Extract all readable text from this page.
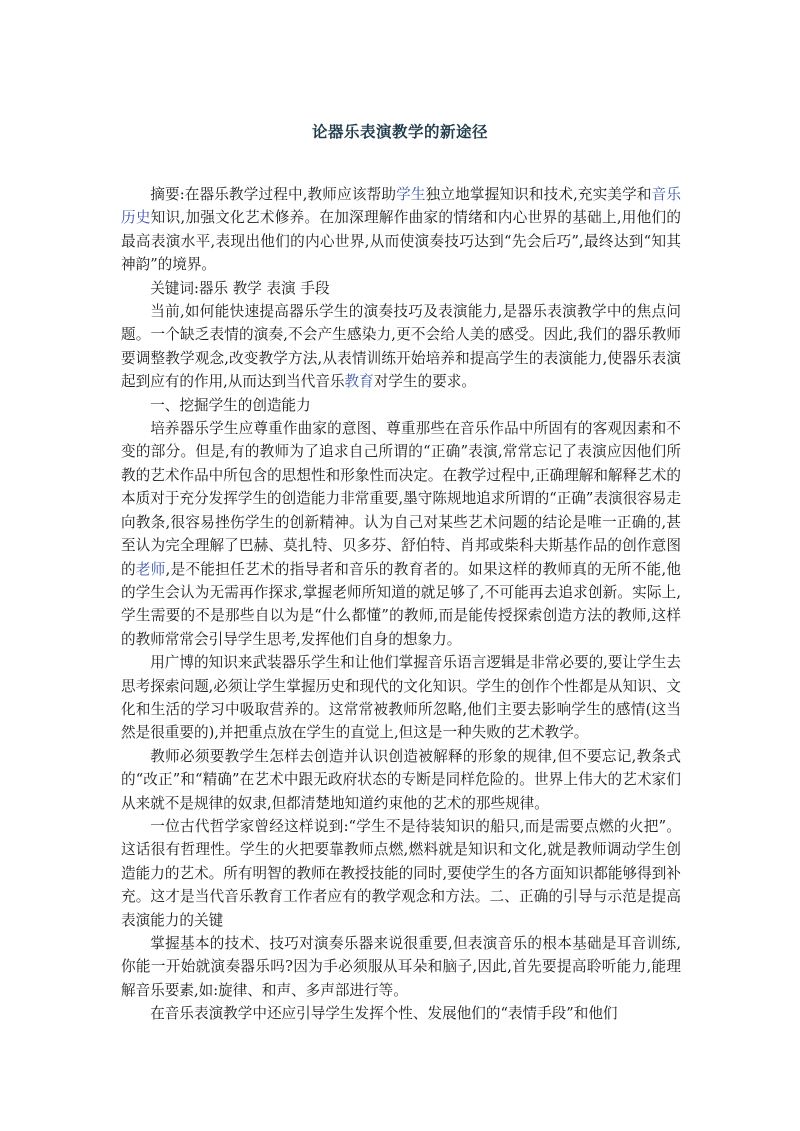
论器乐表演教学的新途径

摘要:在器乐教学过程中,教师应该帮助学生独立地掌握知识和技术,充实美学和音乐历史知识,加强文化艺术修养。在加深理解作曲家的情绪和内心世界的基础上,用他们的最高表演水平,表现出他们的内心世界,从而使演奏技巧达到“先会后巧”,最终达到“知其神韵”的境界。

关键词:器乐 教学 表演 手段

当前,如何能快速提高器乐学生的演奏技巧及表演能力,是器乐表演教学中的焦点问题。一个缺乏表情的演奏,不会产生感染力,更不会给人美的感受。因此,我们的器乐教师要调整教学观念,改变教学方法,从表情训练开始培养和提高学生的表演能力,使器乐表演起到应有的作用,从而达到当代音乐教育对学生的要求。

一、挖掘学生的创造能力

培养器乐学生应尊重作曲家的意图、尊重那些在音乐作品中所固有的客观因素和不变的部分。但是,有的教师为了追求自己所谓的“正确”表演,常常忘记了表演应因他们所教的艺术作品中所包含的思想性和形象性而决定。在教学过程中,正确理解和解释艺术的本质对于充分发挥学生的创造能力非常重要,墨守陈规地追求所谓的“正确”表演很容易走向教条,很容易挫伤学生的创新精神。认为自己对某些艺术问题的结论是唯一正确的,甚至认为完全理解了巴赫、莫扎特、贝多芬、舒伯特、肖邦或柴科夫斯基作品的创作意图的老师,是不能担任艺术的指导者和音乐的教育者的。如果这样的教师真的无所不能,他的学生会认为无需再作探求,掌握老师所知道的就足够了,不可能再去追求创新。实际上,学生需要的不是那些自以为是“什么都懂”的教师,而是能传授探索创造方法的教师,这样的教师常常会引导学生思考,发挥他们自身的想象力。

用广博的知识来武装器乐学生和让他们掌握音乐语言逻辑是非常必要的,要让学生去思考探索问题,必须让学生掌握历史和现代的文化知识。学生的创作个性都是从知识、文化和生活的学习中吸取营养的。这常常被教师所忽略,他们主要去影响学生的感情(这当然是很重要的),并把重点放在学生的直觉上,但这是一种失败的艺术教学。

教师必须要教学生怎样去创造并认识创造被解释的形象的规律,但不要忘记,教条式的“改正”和“精确”在艺术中跟无政府状态的专断是同样危险的。世界上伟大的艺术家们从来就不是规律的奴隶,但都清楚地知道约束他的艺术的那些规律。

一位古代哲学家曾经这样说到:“学生不是待装知识的船只,而是需要点燃的火把”。这话很有哲理性。学生的火把要靠教师点燃,燃料就是知识和文化,就是教师调动学生创造能力的艺术。所有明智的教师在教授技能的同时,要使学生的各方面知识都能够得到补充。这才是当代音乐教育工作者应有的教学观念和方法。二、正确的引导与示范是提高表演能力的关键

掌握基本的技术、技巧对演奏乐器来说很重要,但表演音乐的根本基础是耳音训练,你能一开始就演奏器乐吗?因为手必须服从耳朵和脑子,因此,首先要提高聆听能力,能理解音乐要素,如:旋律、和声、多声部进行等。

在音乐表演教学中还应引导学生发挥个性、发展他们的“表情手段”和他们
